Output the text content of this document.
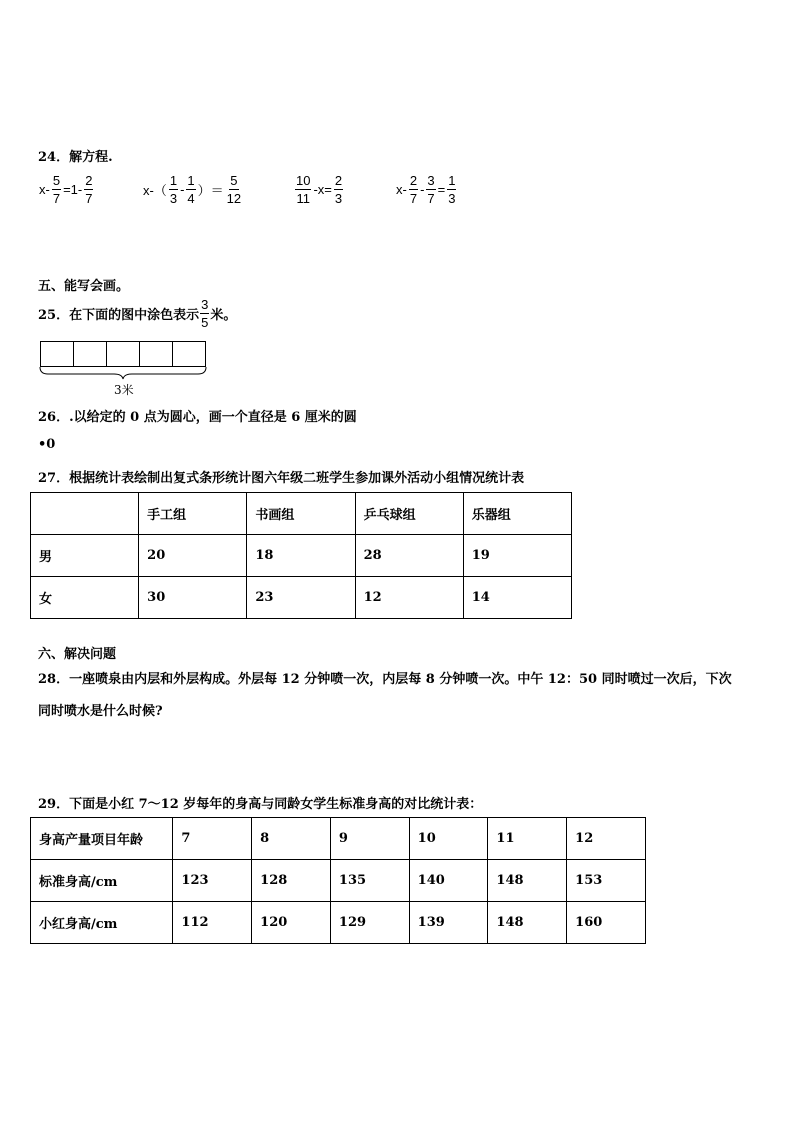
24．解方程.
$x- \frac{5}{7} =1- \frac{2}{7}$	$x-( \frac{1}{3} - \frac{1}{4}$ ）＝ $\frac{5}{12}$	$\frac{10}{11} -x= \frac{2}{3}$	$x- \frac{2}{7} - \frac{3}{7} = \frac{1}{3}$
五、能写会画。
25．在下面的图中涂色表示 $\frac{3}{5}$ 米。
3米
26．.以给定的 0 点为圆心，画一个直径是 6 厘米的圆
•0
27．根据统计表绘制出复式条形统计图六年级二班学生参加课外活动小组情况统计表
	手工组	书画组	乒乓球组	乐器组
男	20	18	28	19
女	30	23	12	14
六、解决问题
28．一座喷泉由内层和外层构成。外层每 12 分钟喷一次，内层每 8 分钟喷一次。中午 12：50 同时喷过一次后，下次
同时喷水是什么时候?
29．下面是小红 7～12 岁每年的身高与同龄女学生标准身高的对比统计表：
身高产量项目年龄	7	8	9	10	11	12
标准身高/cm	123	128	135	140	148	153
小红身高/cm	112	120	129	139	148	160
